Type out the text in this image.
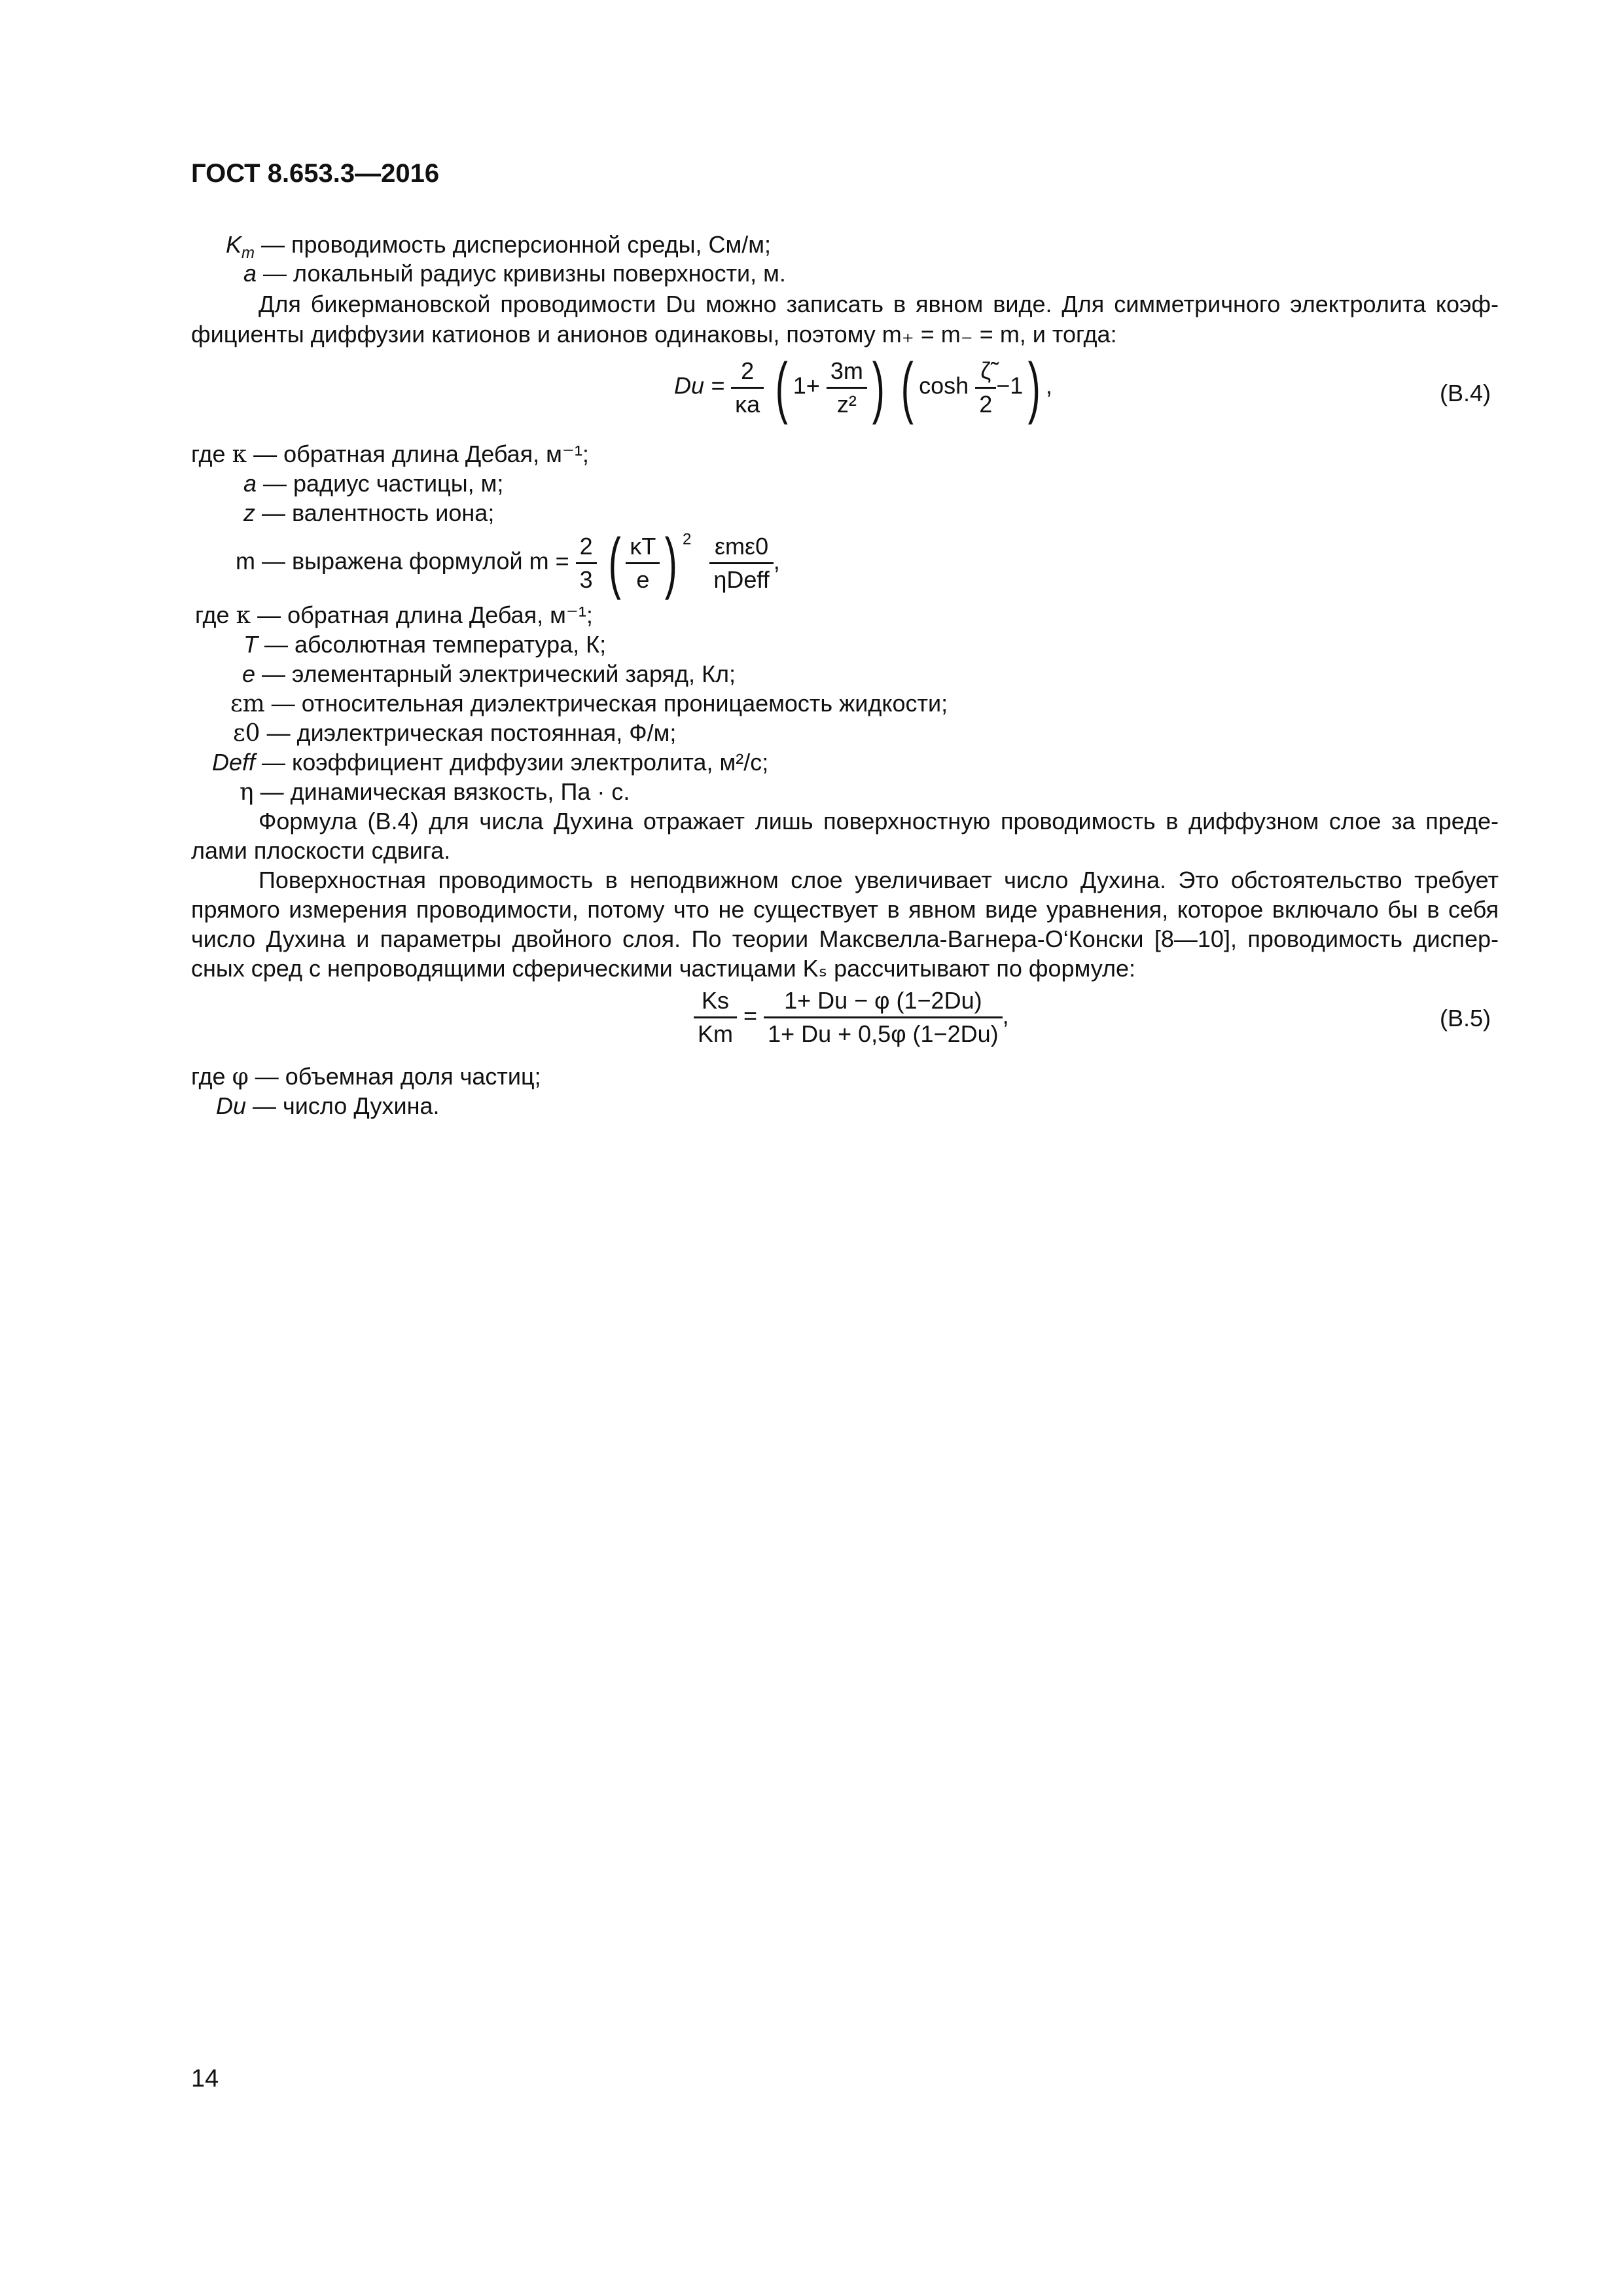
ГОСТ 8.653.3—2016
$K_m$ — проводимость дисперсионной среды, См/м;
a — локальный радиус кривизны поверхности, м.
Для бикермановской проводимости Du можно записать в явном виде. Для симметричного электролита коэф-
фициенты диффузии катионов и анионов одинаковы, поэтому m₊ = m₋ = m, и тогда:
$Du = \frac{2}{\kappa a}$ ( $1+ \frac{3m}{\text{z²}}$ ) ( $\cosh \frac{\zetã}{2} -1$) ,	(В.4)
где κ — обратная длина Дебая, м⁻¹;
a — радиус частицы, м;
z — валентность иона;
m — выражена формулой $m = \frac{2}{3}$ ( $\frac{\kappa T}{e}$ ) $^2 \frac{\text{εmε0}}{\text{ηDeff}}$ ,
где κ — обратная длина Дебая, м⁻¹;
T — абсолютная температура, К;
e — элементарный электрический заряд, Кл;
εm — относительная диэлектрическая проницаемость жидкости;
ε0 — диэлектрическая постоянная, Ф/м;
Deff — коэффициент диффузии электролита, м²/с;
η — динамическая вязкость, Па · с.
Формула (В.4) для числа Духина отражает лишь поверхностную проводимость в диффузном слое за преде-
лами плоскости сдвига.
Поверхностная проводимость в неподвижном слое увеличивает число Духина. Это обстоятельство требует
прямого измерения проводимости, потому что не существует в явном виде уравнения, которое включало бы в себя
число Духина и параметры двойного слоя. По теории Максвелла-Вагнера-О‘Конски [8—10], проводимость диспер-
сных сред с непроводящими сферическими частицами Kₛ рассчитывают по формуле:
$\frac{Ks}{Km} = \frac{1+ Du - \varphi (1-2Du)}{1+ Du + 0,5\varphi (1-2Du)}$ ,	(В.5)
где φ — объемная доля частиц;
Du — число Духина.
14
